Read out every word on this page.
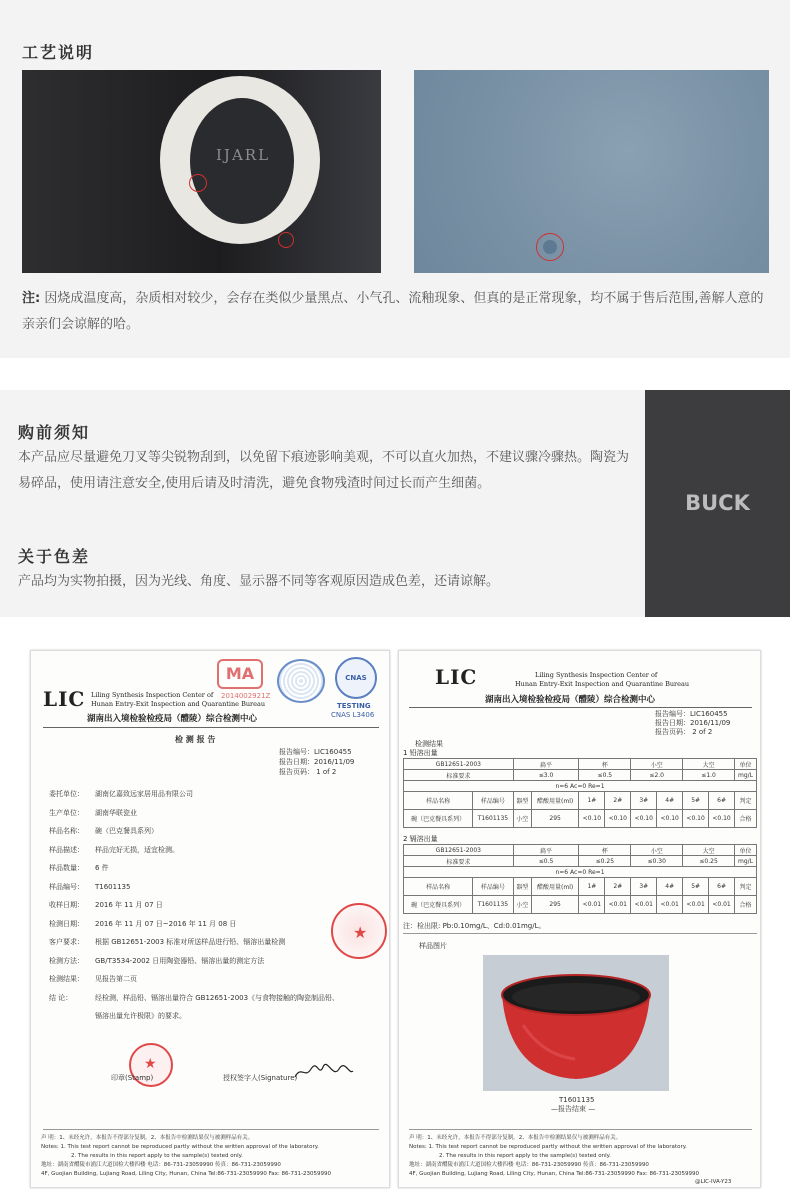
工艺说明
IJARL
注: 因烧成温度高，杂质相对较少，会存在类似少量黑点、小气孔、流釉现象、但真的是正常现象，均不属于售后范围,善解人意的亲亲们会谅解的哈。
购前须知

本产品应尽量避免刀叉等尖锐物刮到，以免留下痕迹影响美观，不可以直火加热，不建议骤冷骤热。陶瓷为易碎品，使用请注意安全,使用后请及时清洗，避免食物残渣时间过长而产生细菌。

关于色差

产品均为实物拍摄，因为光线、角度、显示器不同等客观原因造成色差，还请谅解。

BUCK
LIC Liling Synthesis Inspection Center of
Hunan Entry-Exit Inspection and Quarantine Bureau
湖南出入境检验检疫局（醴陵）综合检测中心
MA
2014002921Z
CNAS
TESTING
CNAS L3406
检 测 报 告
报告编号：LIC160455
报告日期：2016/11/09
报告页码： 1 of 2
委托单位： 湖南亿嘉致远家居用品有限公司
生产单位： 湖南华联瓷业
样品名称： 碗（巴克餐具系列）
样品描述： 样品完好无损，适宜检测。
样品数量： 6 件
样品编号： T1601135
收样日期： 2016 年 11 月 07 日
检测日期： 2016 年 11 月 07 日~2016 年 11 月 08 日
客户要求： 根据 GB12651-2003 标准对所送样品进行铅、镉溶出量检测
检测方法： GB/T3534-2002 日用陶瓷器铅、镉溶出量的测定方法
检测结果： 见报告第二页
结 论：	经检测，样品铅、镉溶出量符合 GB12651-2003《与食物接触的陶瓷制品铅、
镉溶出量允许极限》的要求。
★
★
印章(Stamp)	授权签字人(Signature)
声 明：1、未经允许，本报告不得部分复制。2、本报告中检测结果仅与被测样品有关。
Notes: 1. This test report cannot be reproduced partly without the written approval of the laboratory.
2. The results in this report apply to the sample(s) tested only.
地址：湖南省醴陵市浦江大道国检大楼四楼 电话：86-731-23059990 传真：86-731-23059990
4F, Guojian Building, Lujiang Road, Liling City, Hunan, China Tel:86-731-23059990 Fax: 86-731-23059990
LIC	Liling Synthesis Inspection Center of
Hunan Entry-Exit Inspection and Quarantine Bureau
湖南出入境检验检疫局（醴陵）综合检测中心
报告编号：LIC160455
报告日期：2016/11/09
报告页码： 2 of 2
检测结果
1 铅溶出量
GB12651-2003		扁平		杯		小空		大空		单位
标准要求		≤3.0		≤0.5		≤2.0		≤1.0		mg/L
n=6 Ac=0 Re=1										
样品名称	样品编号	器型	醋酸用量(ml)	1#	2#	3#	4#	5#	6#	判定
碗（巴克餐具系列）	T1601135	小空	295	<0.10	<0.10	<0.10	<0.10	<0.10	<0.10	合格
2 镉溶出量
GB12651-2003		扁平		杯		小空		大空		单位
标准要求		≤0.5		≤0.25		≤0.30		≤0.25		mg/L
n=6 Ac=0 Re=1										
样品名称	样品编号	器型	醋酸用量(ml)	1#	2#	3#	4#	5#	6#	判定
碗（巴克餐具系列）	T1601135	小空	295	<0.01	<0.01	<0.01	<0.01	<0.01	<0.01	合格
注：检出限: Pb:0.10mg/L、Cd:0.01mg/L。
样品图片
T1601135
—报告结束 —
声 明：1、未经允许，本报告不得部分复制。2、本报告中检测结果仅与被测样品有关。
Notes: 1. This test report cannot be reproduced partly without the written approval of the laboratory.
2. The results in this report apply to the sample(s) tested only.
地址：湖南省醴陵市浦江大道国检大楼四楼 电话：86-731-23059990 传真：86-731-23059990
4F, Guojian Building, Lujiang Road, Liling City, Hunan, China Tel:86-731-23059990 Fax: 86-731-23059990
@LIC-IVA-Y23
